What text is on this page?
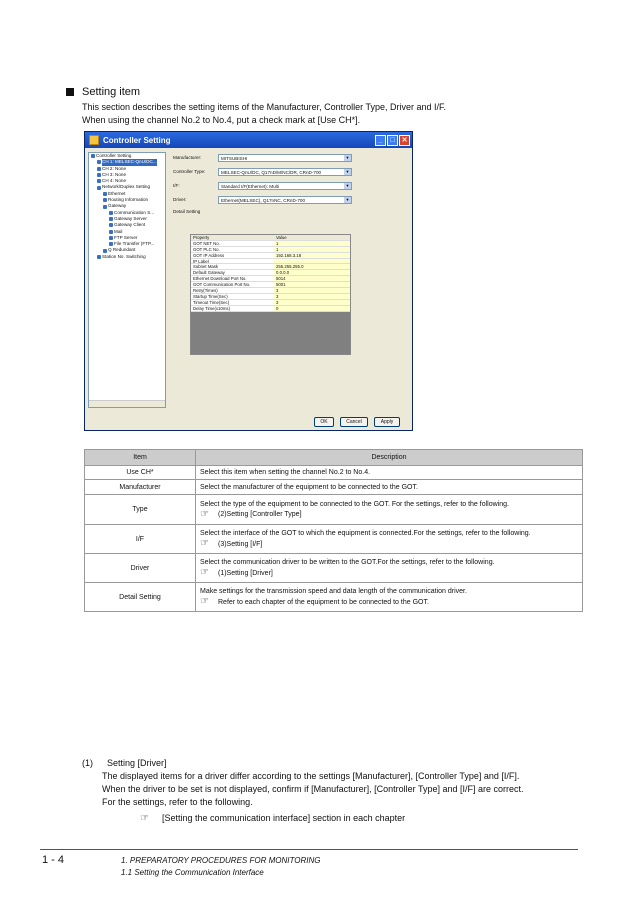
Setting item
This section describes the setting items of the Manufacturer, Controller Type, Driver and I/F.
When using the channel No.2 to No.4, put a check mark at [Use CH*].
Controller Setting	_	□ ✕
Controller Setting
CH 1: MELSEC-QnU/DC...
CH 2: None
CH 3: None
CH 4: None
Network/Duplex Setting
Ethernet
Routing Information
Gateway
Communication S...
Gateway Server
Gateway Client
Mail
FTP Server
File Transfer (FTP...
Q Redundant
Station No. Switching
Manufacturer:	MITSUBISHI	▼
Controller Type:	MELSEC-QnU/DC, Q17nD/M/NC/DR, CRnD-700	▼
I/F:	Standard I/F(Ethernet): Multi	▼
Driver:	Ethernet(MELSEC), Q17nNC, CRnD-700	▼
Detail Setting
Property	Value
GOT NET No.	1
GOT PLC No.	1
GOT IP Address	192.168.3.18
IP Label
Subnet Mask	255.255.255.0
Default Gateway	0.0.0.0
Ethernet Download Port No.	5014
GOT Communication Port No.	5001
Retry(Times)	3
Startup Time(Sec)	3
Timeout Time(Sec)	3
Delay Time(x10ms)	0
OK	Cancel	Apply
Item	Description
Use CH*	Select this item when setting the channel No.2 to No.4.

Manufacturer	Select the manufacturer of the equipment to be connected to the GOT.

Type	Select the type of the equipment to be connected to the GOT. For the settings, refer to the following.
☞ (2)Setting [Controller Type]

I/F	Select the interface of the GOT to which the equipment is connected.For the settings, refer to the following.
☞ (3)Setting [I/F]

Driver	Select the communication driver to be written to the GOT.For the settings, refer to the following.
☞ (1)Setting [Driver]

Detail Setting	Make settings for the transmission speed and data length of the communication driver.
☞ Refer to each chapter of the equipment to be connected to the GOT.
(1) Setting [Driver]
The displayed items for a driver differ according to the settings [Manufacturer], [Controller Type] and [I/F].
When the driver to be set is not displayed, confirm if [Manufacturer], [Controller Type] and [I/F] are correct.
For the settings, refer to the following.
☞	[Setting the communication interface] section in each chapter
1 - 4	1. PREPARATORY PROCEDURES FOR MONITORING
1.1 Setting the Communication Interface
